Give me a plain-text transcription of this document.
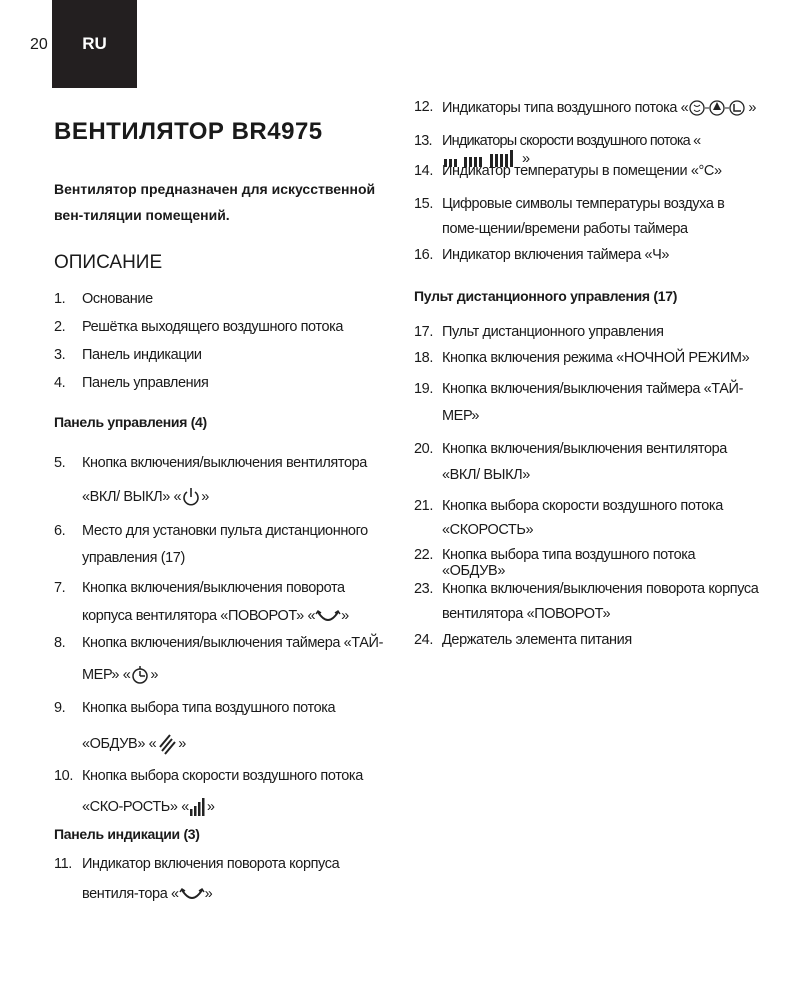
20	RU
ВЕНТИЛЯТОР BR4975
Вентилятор предназначен для искусственной вен-тиляции помещений.
ОПИСАНИЕ
1.	Основание
2.	Решётка выходящего воздушного потока
3.	Панель индикации
4.	Панель управления
Панель управления (4)
5.	Кнопка включения/выключения вентилятора «ВКЛ/ ВЫКЛ» « »
6.	Место для установки пульта дистанционного управления (17)
7.	Кнопка включения/выключения поворота корпуса вентилятора «ПОВОРОТ» « »
8.	Кнопка включения/выключения таймера «ТАЙ-МЕР» « »
9.	Кнопка выбора типа воздушного потока «ОБДУВ» « »
10. Кнопка выбора скорости воздушного потока «СКО-РОСТЬ» « »
Панель индикации (3)
11. Индикатор включения поворота корпуса вентиля-тора « »
12. Индикаторы типа воздушного потока «	»
13. Индикаторы скорости воздушного потока «»
14. Индикатор температуры в помещении «°C»
15. Цифровые символы температуры воздуха в поме-щении/времени работы таймера
16. Индикатор включения таймера «Ч»
Пульт дистанционного управления (17)
17. Пульт дистанционного управления
18. Кнопка включения режима «НОЧНОЙ РЕЖИМ»
19. Кнопка включения/выключения таймера «ТАЙ-МЕР»
20. Кнопка включения/выключения вентилятора «ВКЛ/ ВЫКЛ»
21. Кнопка выбора скорости воздушного потока «СКОРОСТЬ»
22. Кнопка выбора типа воздушного потока «ОБДУВ»
23. Кнопка включения/выключения поворота корпуса вентилятора «ПОВОРОТ»
24. Держатель элемента питания
